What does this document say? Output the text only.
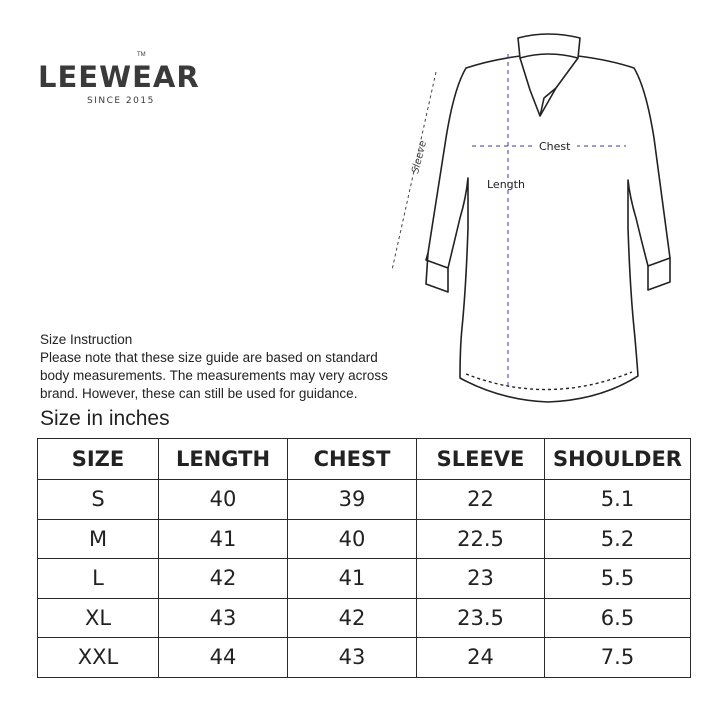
LEEWEAR
TM
SINCE 2015
Chest
Length
Sleeve
Size Instruction
Please note that these size guide are based on standard
body measurements. The measurements may very across
brand. However, these can still be used for guidance.
Size in inches
SIZE	LENGTH	CHEST	SLEEVE	SHOULDER
S	40	39	22	5.1
M	41	40	22.5	5.2
L	42	41	23	5.5
XL	43	42	23.5	6.5
XXL	44	43	24	7.5
